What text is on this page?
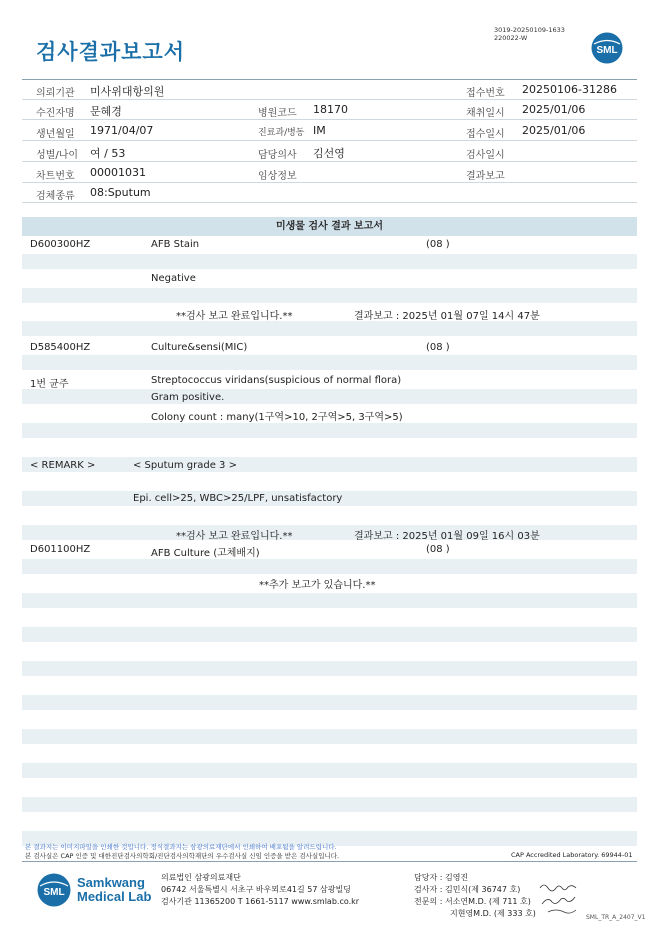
검사결과보고서
3019-20250109-1633
220022-W
SML
의뢰기관 미사위대항의원	접수번호 20250106-31286
수진자명 문혜경	병원코드 18170	채취일시 2025/01/06
생년월일 1971/04/07	진료과/병동 IM	접수일시 2025/01/06
성별/나이 여 / 53	담당의사 김선영	검사일시
차트번호 00001031	임상정보	결과보고
검체종류 08:Sputum
미생물 검사 결과 보고서
D600300HZ	AFB Stain	(08 )
Negative
**검사 보고 완료입니다.**	결과보고 : 2025년 01월 07일 14시 47분
D585400HZ	Culture&sensi(MIC)	(08 )
1번 균주	Streptococcus viridans(suspicious of normal flora)
Gram positive.
Colony count : many(1구역>10, 2구역>5, 3구역>5)
< REMARK >	< Sputum grade 3 >
Epi. cell>25, WBC>25/LPF, unsatisfactory
**검사 보고 완료입니다.**	결과보고 : 2025년 01월 09일 16시 03분
D601100HZ	AFB Culture (고체배지)	(08 )
**추가 보고가 있습니다.**
본 결과지는 이미지파일을 인쇄한 것입니다. 정식결과지는 삼광의료재단에서 인쇄하여 배포됨을 알려드립니다.
본 검사실은 CAP 인증 및 대한진단검사의학회/진단검사의학재단의 우수검사실 신임 인증을 받은 검사실입니다.	CAP Accredited Laboratory. 69944-01
SML
Samkwang
Medical Lab
의료법인 삼광의료재단
06742 서울특별시 서초구 바우뫼로41길 57 삼광빌딩
검사기관 11365200 T 1661-5117 www.smlab.co.kr
담당자 : 김영진
검사자 : 김민식(제 36747 호)
전문의 : 서소연M.D. (제 711 호)
지현영M.D. (제 333 호)	SML_TR_A_2407_V1
